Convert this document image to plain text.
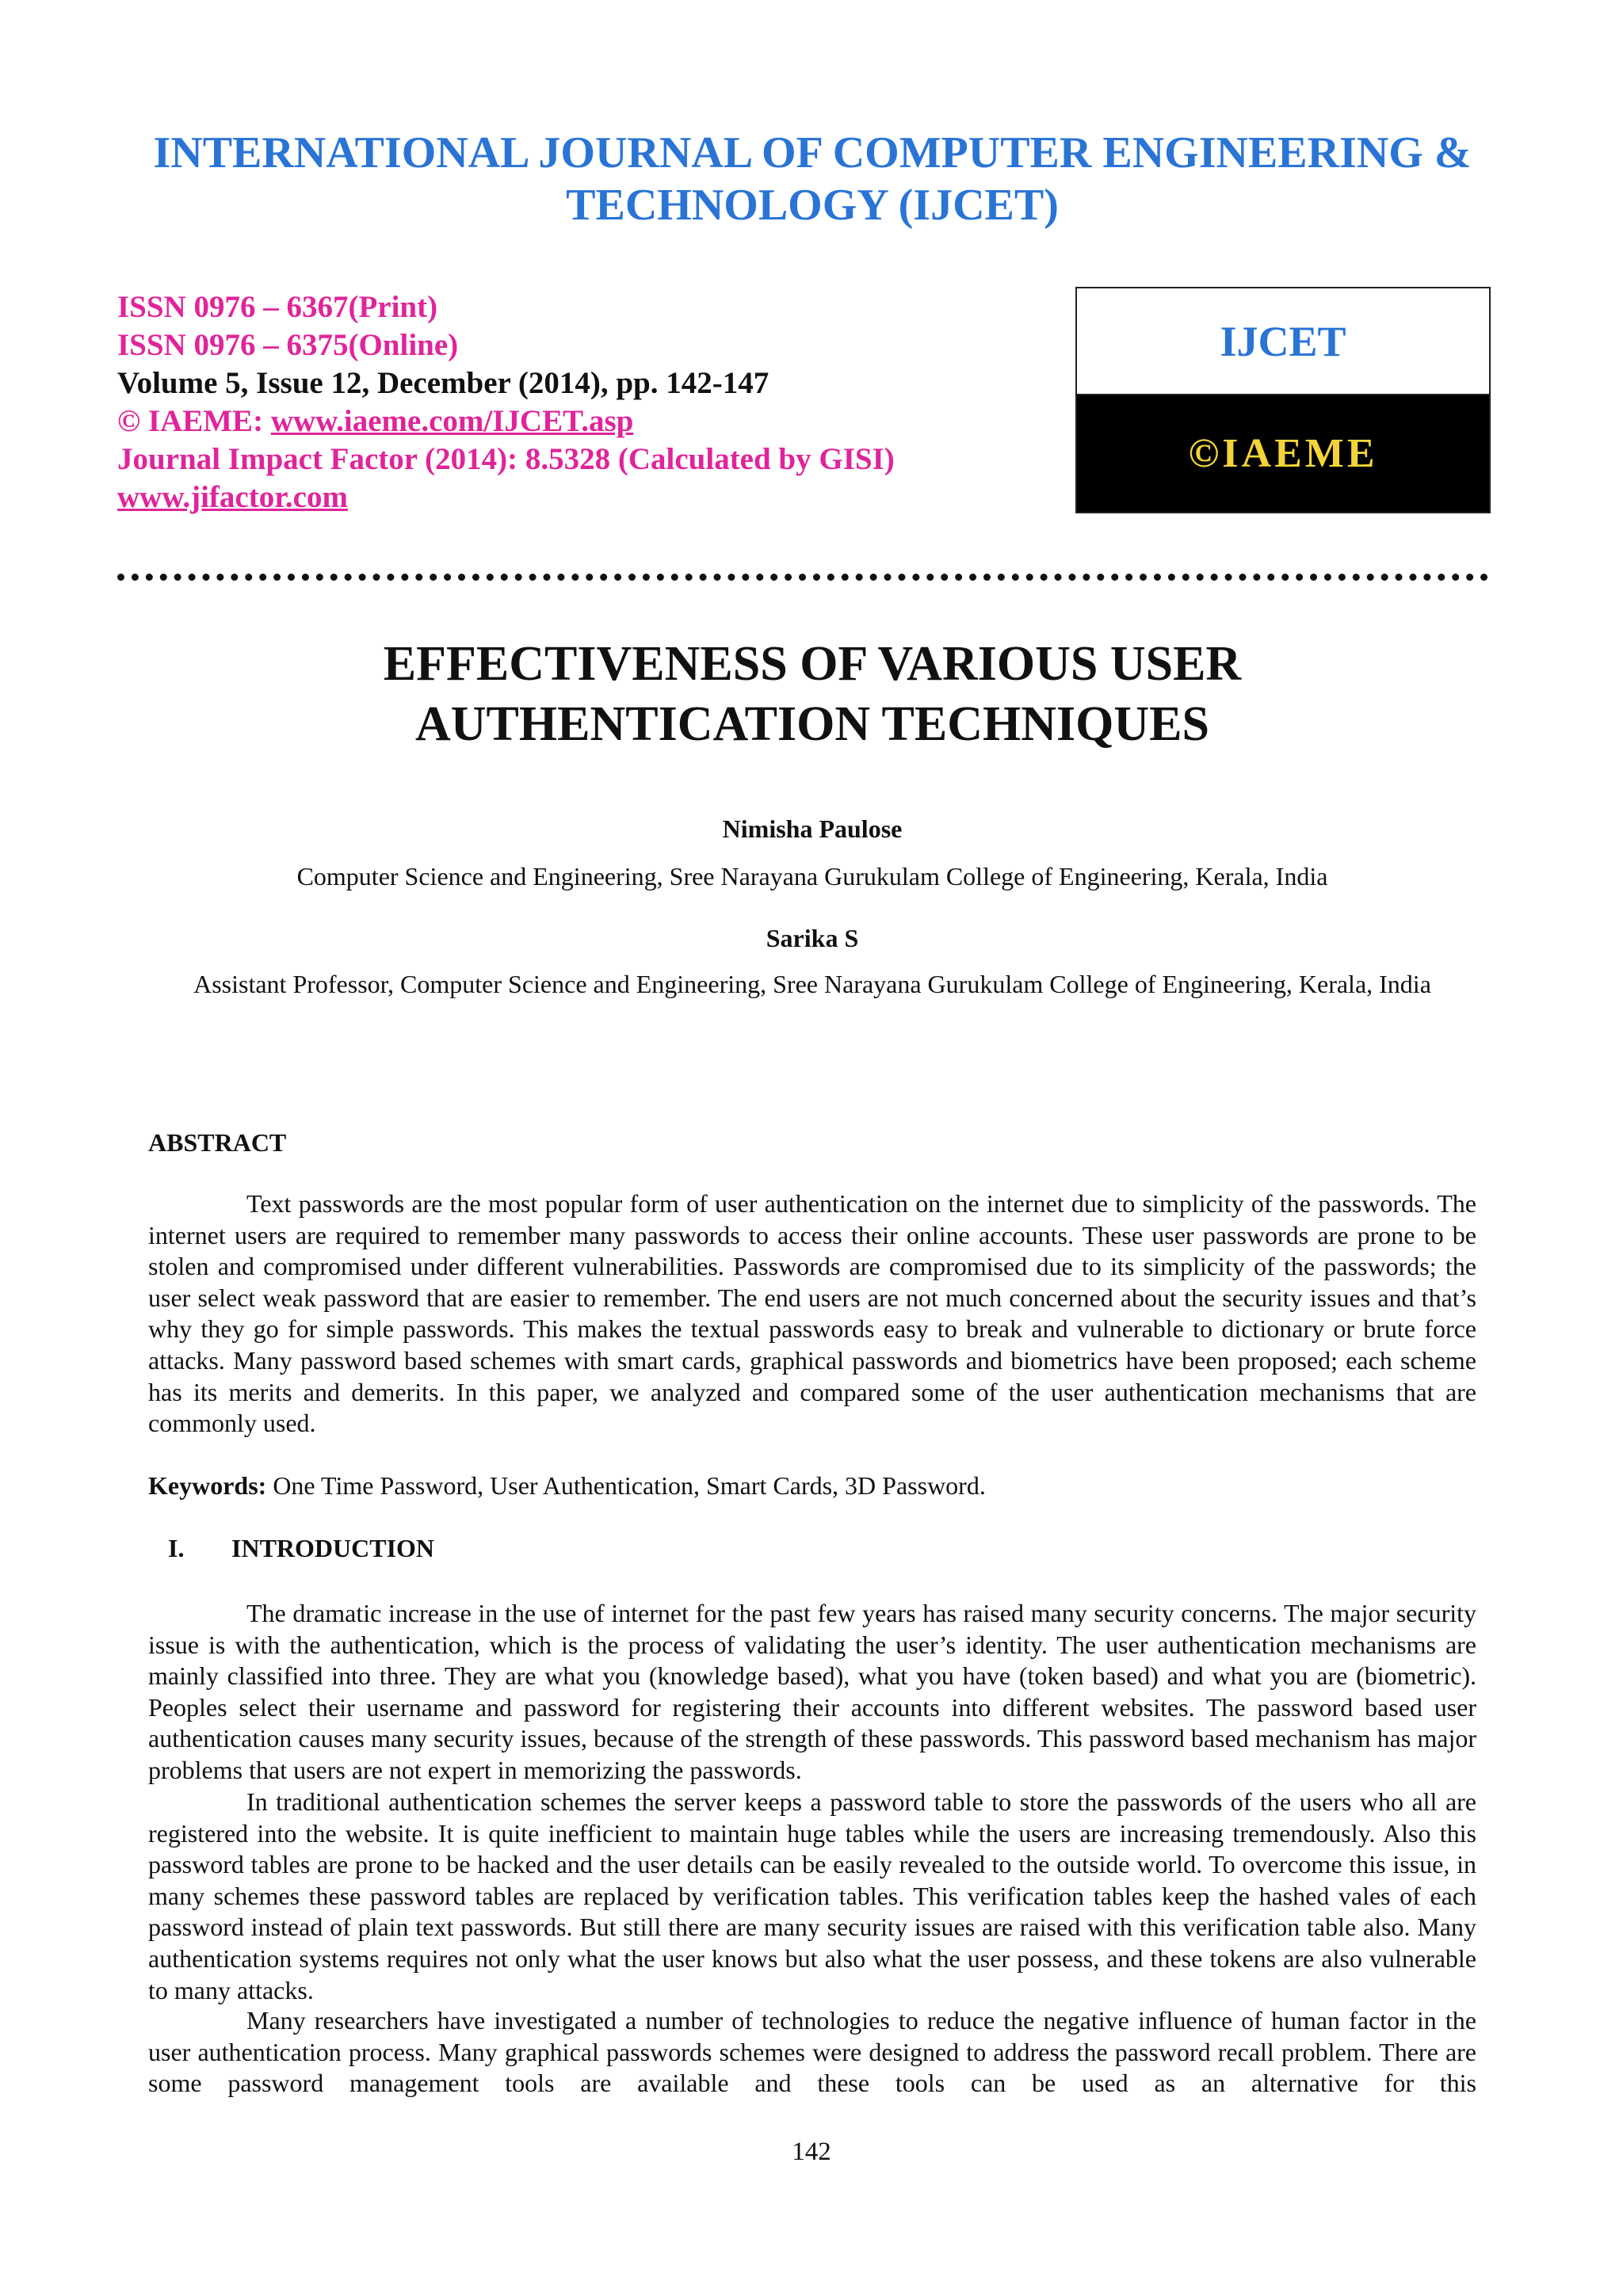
INTERNATIONAL JOURNAL OF COMPUTER ENGINEERING & TECHNOLOGY (IJCET)
ISSN 0976 – 6367(Print)
ISSN 0976 – 6375(Online)
Volume 5, Issue 12, December (2014), pp. 142-147
© IAEME: www.iaeme.com/IJCET.asp
Journal Impact Factor (2014): 8.5328 (Calculated by GISI)
www.jifactor.com
IJCET
©IAEME
EFFECTIVENESS OF VARIOUS USER AUTHENTICATION TECHNIQUES
Nimisha Paulose
Computer Science and Engineering, Sree Narayana Gurukulam College of Engineering, Kerala, India
Sarika S
Assistant Professor, Computer Science and Engineering, Sree Narayana Gurukulam College of Engineering, Kerala, India
ABSTRACT

Text passwords are the most popular form of user authentication on the internet due to simplicity of the passwords. The internet users are required to remember many passwords to access their online accounts. These user passwords are prone to be stolen and compromised under different vulnerabilities. Passwords are compromised due to its simplicity of the passwords; the user select weak password that are easier to remember. The end users are not much concerned about the security issues and that’s why they go for simple passwords. This makes the textual passwords easy to break and vulnerable to dictionary or brute force attacks. Many password based schemes with smart cards, graphical passwords and biometrics have been proposed; each scheme has its merits and demerits. In this paper, we analyzed and compared some of the user authentication mechanisms that are commonly used.

Keywords: One Time Password, User Authentication, Smart Cards, 3D Password.
I. INTRODUCTION

The dramatic increase in the use of internet for the past few years has raised many security concerns. The major security issue is with the authentication, which is the process of validating the user’s identity. The user authentication mechanisms are mainly classified into three. They are what you (knowledge based), what you have (token based) and what you are (biometric). Peoples select their username and password for registering their accounts into different websites. The password based user authentication causes many security issues, because of the strength of these passwords. This password based mechanism has major problems that users are not expert in memorizing the passwords.

In traditional authentication schemes the server keeps a password table to store the passwords of the users who all are registered into the website. It is quite inefficient to maintain huge tables while the users are increasing tremendously. Also this password tables are prone to be hacked and the user details can be easily revealed to the outside world. To overcome this issue, in many schemes these password tables are replaced by verification tables. This verification tables keep the hashed vales of each password instead of plain text passwords. But still there are many security issues are raised with this verification table also. Many authentication systems requires not only what the user knows but also what the user possess, and these tokens are also vulnerable to many attacks.

Many researchers have investigated a number of technologies to reduce the negative influence of human factor in the user authentication process. Many graphical passwords schemes were designed to address the password recall problem. There are some password management tools are available and these tools can be used as an alternative for this

142
